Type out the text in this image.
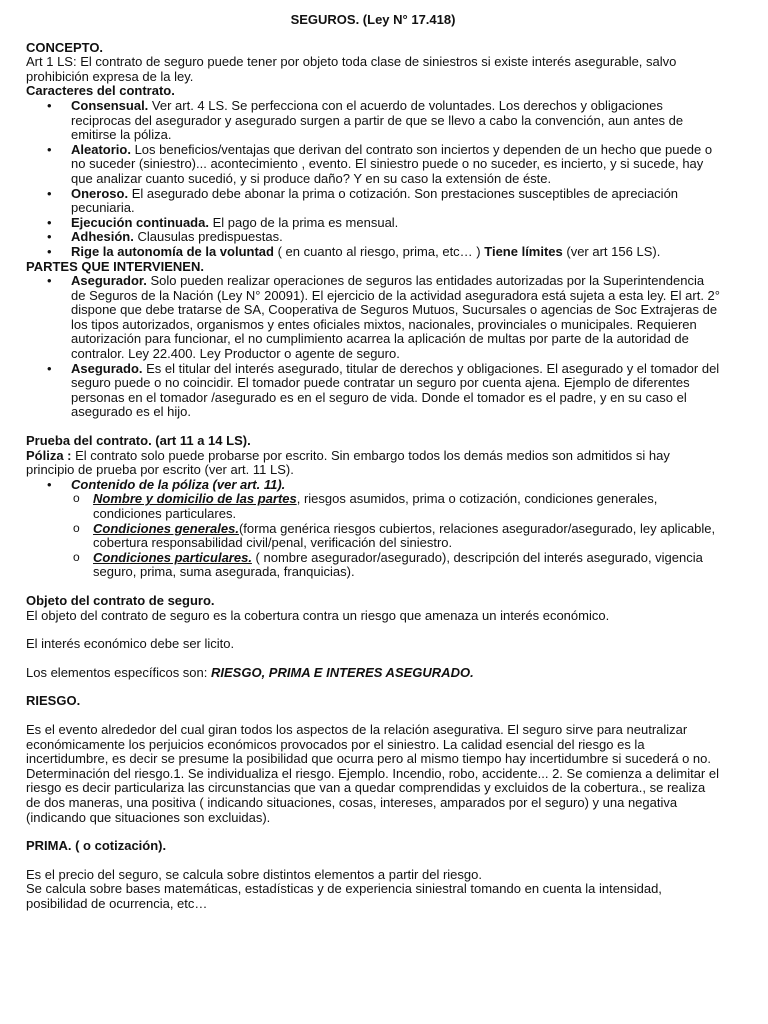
SEGUROS. (Ley N° 17.418)

CONCEPTO.

Art 1 LS: El contrato de seguro puede tener por objeto toda clase de siniestros si existe interés asegurable, salvo prohibición expresa de la ley.

Caracteres del contrato.

• Consensual. Ver art. 4 LS. Se perfecciona con el acuerdo de voluntades. Los derechos y obligaciones reciprocas del asegurador y asegurado surgen a partir de que se llevo a cabo la convención, aun antes de emitirse la póliza.
• Aleatorio. Los beneficios/ventajas que derivan del contrato son inciertos y dependen de un hecho que puede o no suceder (siniestro)... acontecimiento , evento. El siniestro puede o no suceder, es incierto, y si sucede, hay que analizar cuanto sucedió, y si produce daño? Y en su caso la extensión de éste.
• Oneroso. El asegurado debe abonar la prima o cotización. Son prestaciones susceptibles de apreciación pecuniaria.
• Ejecución continuada. El pago de la prima es mensual.
• Adhesión. Clausulas predispuestas.
• Rige la autonomía de la voluntad ( en cuanto al riesgo, prima, etc… ) Tiene límites (ver art 156 LS).

PARTES QUE INTERVIENEN.

• Asegurador. Solo pueden realizar operaciones de seguros las entidades autorizadas por la Superintendencia de Seguros de la Nación (Ley N° 20091). El ejercicio de la actividad aseguradora está sujeta a esta ley. El art. 2° dispone que debe tratarse de SA, Cooperativa de Seguros Mutuos, Sucursales o agencias de Soc Extrajeras de los tipos autorizados, organismos y entes oficiales mixtos, nacionales, provinciales o municipales. Requieren autorización para funcionar, el no cumplimiento acarrea la aplicación de multas por parte de la autoridad de contralor. Ley 22.400. Ley Productor o agente de seguro.
• Asegurado. Es el titular del interés asegurado, titular de derechos y obligaciones. El asegurado y el tomador del seguro puede o no coincidir. El tomador puede contratar un seguro por cuenta ajena. Ejemplo de diferentes personas en el tomador /asegurado es en el seguro de vida. Donde el tomador es el padre, y en su caso el asegurado es el hijo.

Prueba del contrato. (art 11 a 14 LS).

Póliza : El contrato solo puede probarse por escrito. Sin embargo todos los demás medios son admitidos si hay principio de prueba por escrito (ver art. 11 LS).

• Contenido de la póliza (ver art. 11).
o Nombre y domicilio de las partes, riesgos asumidos, prima o cotización, condiciones generales, condiciones particulares.
o Condiciones generales.(forma genérica riesgos cubiertos, relaciones asegurador/asegurado, ley aplicable, cobertura responsabilidad civil/penal, verificación del siniestro.
o Condiciones particulares. ( nombre asegurador/asegurado), descripción del interés asegurado, vigencia seguro, prima, suma asegurada, franquicias).

Objeto del contrato de seguro.

El objeto del contrato de seguro es la cobertura contra un riesgo que amenaza un interés económico.

El interés económico debe ser licito.

Los elementos específicos son: RIESGO, PRIMA E INTERES ASEGURADO.

RIESGO.

Es el evento alrededor del cual giran todos los aspectos de la relación asegurativa. El seguro sirve para neutralizar económicamente los perjuicios económicos provocados por el siniestro. La calidad esencial del riesgo es la incertidumbre, es decir se presume la posibilidad que ocurra pero al mismo tiempo hay incertidumbre si sucederá o no.

Determinación del riesgo.1. Se individualiza el riesgo. Ejemplo. Incendio, robo, accidente... 2. Se comienza a delimitar el riesgo es decir particulariza las circunstancias que van a quedar comprendidas y excluidos de la cobertura., se realiza de dos maneras, una positiva ( indicando situaciones, cosas, intereses, amparados por el seguro) y una negativa (indicando que situaciones son excluidas).

PRIMA. ( o cotización).

Es el precio del seguro, se calcula sobre distintos elementos a partir del riesgo.

Se calcula sobre bases matemáticas, estadísticas y de experiencia siniestral tomando en cuenta la intensidad, posibilidad de ocurrencia, etc…
